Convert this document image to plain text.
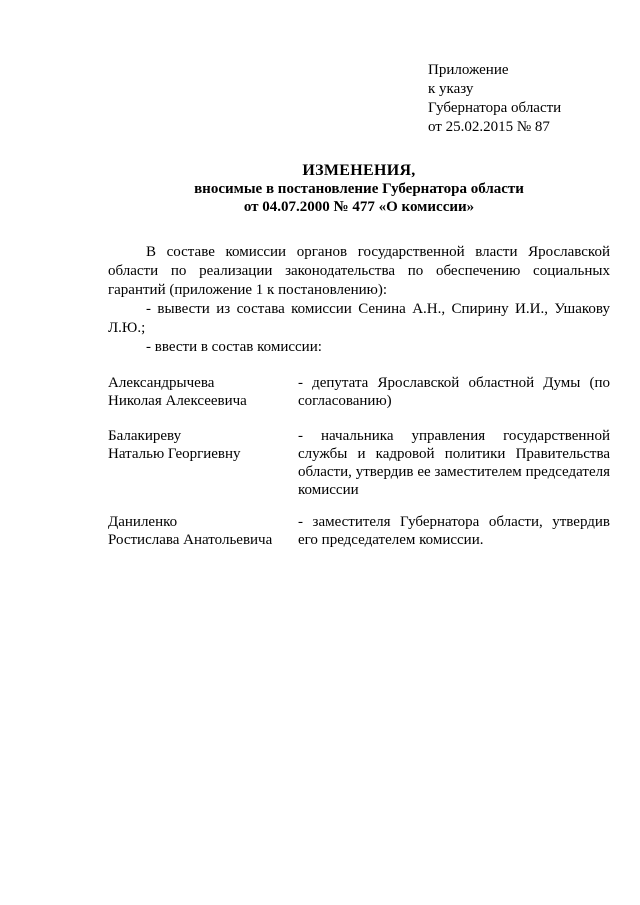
Приложение
к указу
Губернатора области
от 25.02.2015 № 87
ИЗМЕНЕНИЯ,
вносимые в постановление Губернатора области
от 04.07.2000 № 477 «О комиссии»

В составе комиссии органов государственной власти Ярославской области по реализации законодательства по обеспечению социальных гарантий (приложение 1 к постановлению):

- вывести из состава комиссии Сенина А.Н., Спирину И.И., Ушакову Л.Ю.;

- ввести в состав комиссии:

Александрычева
Николая Алексеевича
- депутата Ярославской областной Думы (по согласованию)
Балакиреву
Наталью Георгиевну
- начальника управления государственной службы и кадровой политики Правительства области, утвердив ее заместителем председателя комиссии
Даниленко
Ростислава Анатольевича
- заместителя Губернатора области, утвердив его председателем комиссии.
